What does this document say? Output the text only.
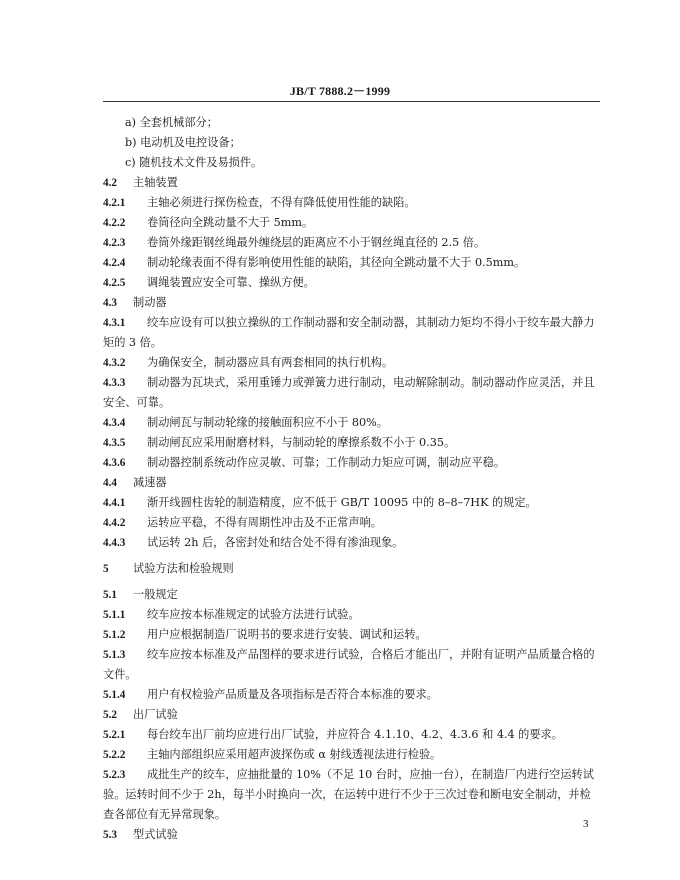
JB/T 7888.2－1999
a) 全套机械部分；
b) 电动机及电控设备；
c) 随机技术文件及易损件。
4.2 主轴装置
4.2.1 主轴必须进行探伤检查，不得有降低使用性能的缺陷。
4.2.2 卷筒径向全跳动量不大于 5mm。
4.2.3 卷筒外缘距钢丝绳最外缠绕层的距离应不小于钢丝绳直径的 2.5 倍。
4.2.4 制动轮缘表面不得有影响使用性能的缺陷，其径向全跳动量不大于 0.5mm。
4.2.5 调绳装置应安全可靠、操纵方便。
4.3 制动器
4.3.1 绞车应设有可以独立操纵的工作制动器和安全制动器，其制动力矩均不得小于绞车最大静力矩的 3 倍。
4.3.2 为确保安全，制动器应具有两套相同的执行机构。
4.3.3 制动器为瓦块式，采用重锤力或弹簧力进行制动，电动解除制动。制动器动作应灵活，并且安全、可靠。
4.3.4 制动闸瓦与制动轮缘的接触面积应不小于 80%。
4.3.5 制动闸瓦应采用耐磨材料，与制动轮的摩擦系数不小于 0.35。
4.3.6 制动器控制系统动作应灵敏、可靠；工作制动力矩应可调，制动应平稳。
4.4 减速器
4.4.1 渐开线圆柱齿轮的制造精度，应不低于 GB/T 10095 中的 8–8–7HK 的规定。
4.4.2 运转应平稳，不得有周期性冲击及不正常声响。
4.4.3 试运转 2h 后，各密封处和结合处不得有渗油现象。
5 试验方法和检验规则
5.1 一般规定
5.1.1 绞车应按本标准规定的试验方法进行试验。
5.1.2 用户应根据制造厂说明书的要求进行安装、调试和运转。
5.1.3 绞车应按本标准及产品图样的要求进行试验，合格后才能出厂，并附有证明产品质量合格的文件。
5.1.4 用户有权检验产品质量及各项指标是否符合本标准的要求。
5.2 出厂试验
5.2.1 每台绞车出厂前均应进行出厂试验，并应符合 4.1.10、4.2、4.3.6 和 4.4 的要求。
5.2.2 主轴内部组织应采用超声波探伤或 α 射线透视法进行检验。
5.2.3 成批生产的绞车，应抽批量的 10%（不足 10 台时，应抽一台），在制造厂内进行空运转试验。运转时间不少于 2h，每半小时换向一次，在运转中进行不少于三次过卷和断电安全制动，并检查各部位有无异常现象。
5.3 型式试验
3
